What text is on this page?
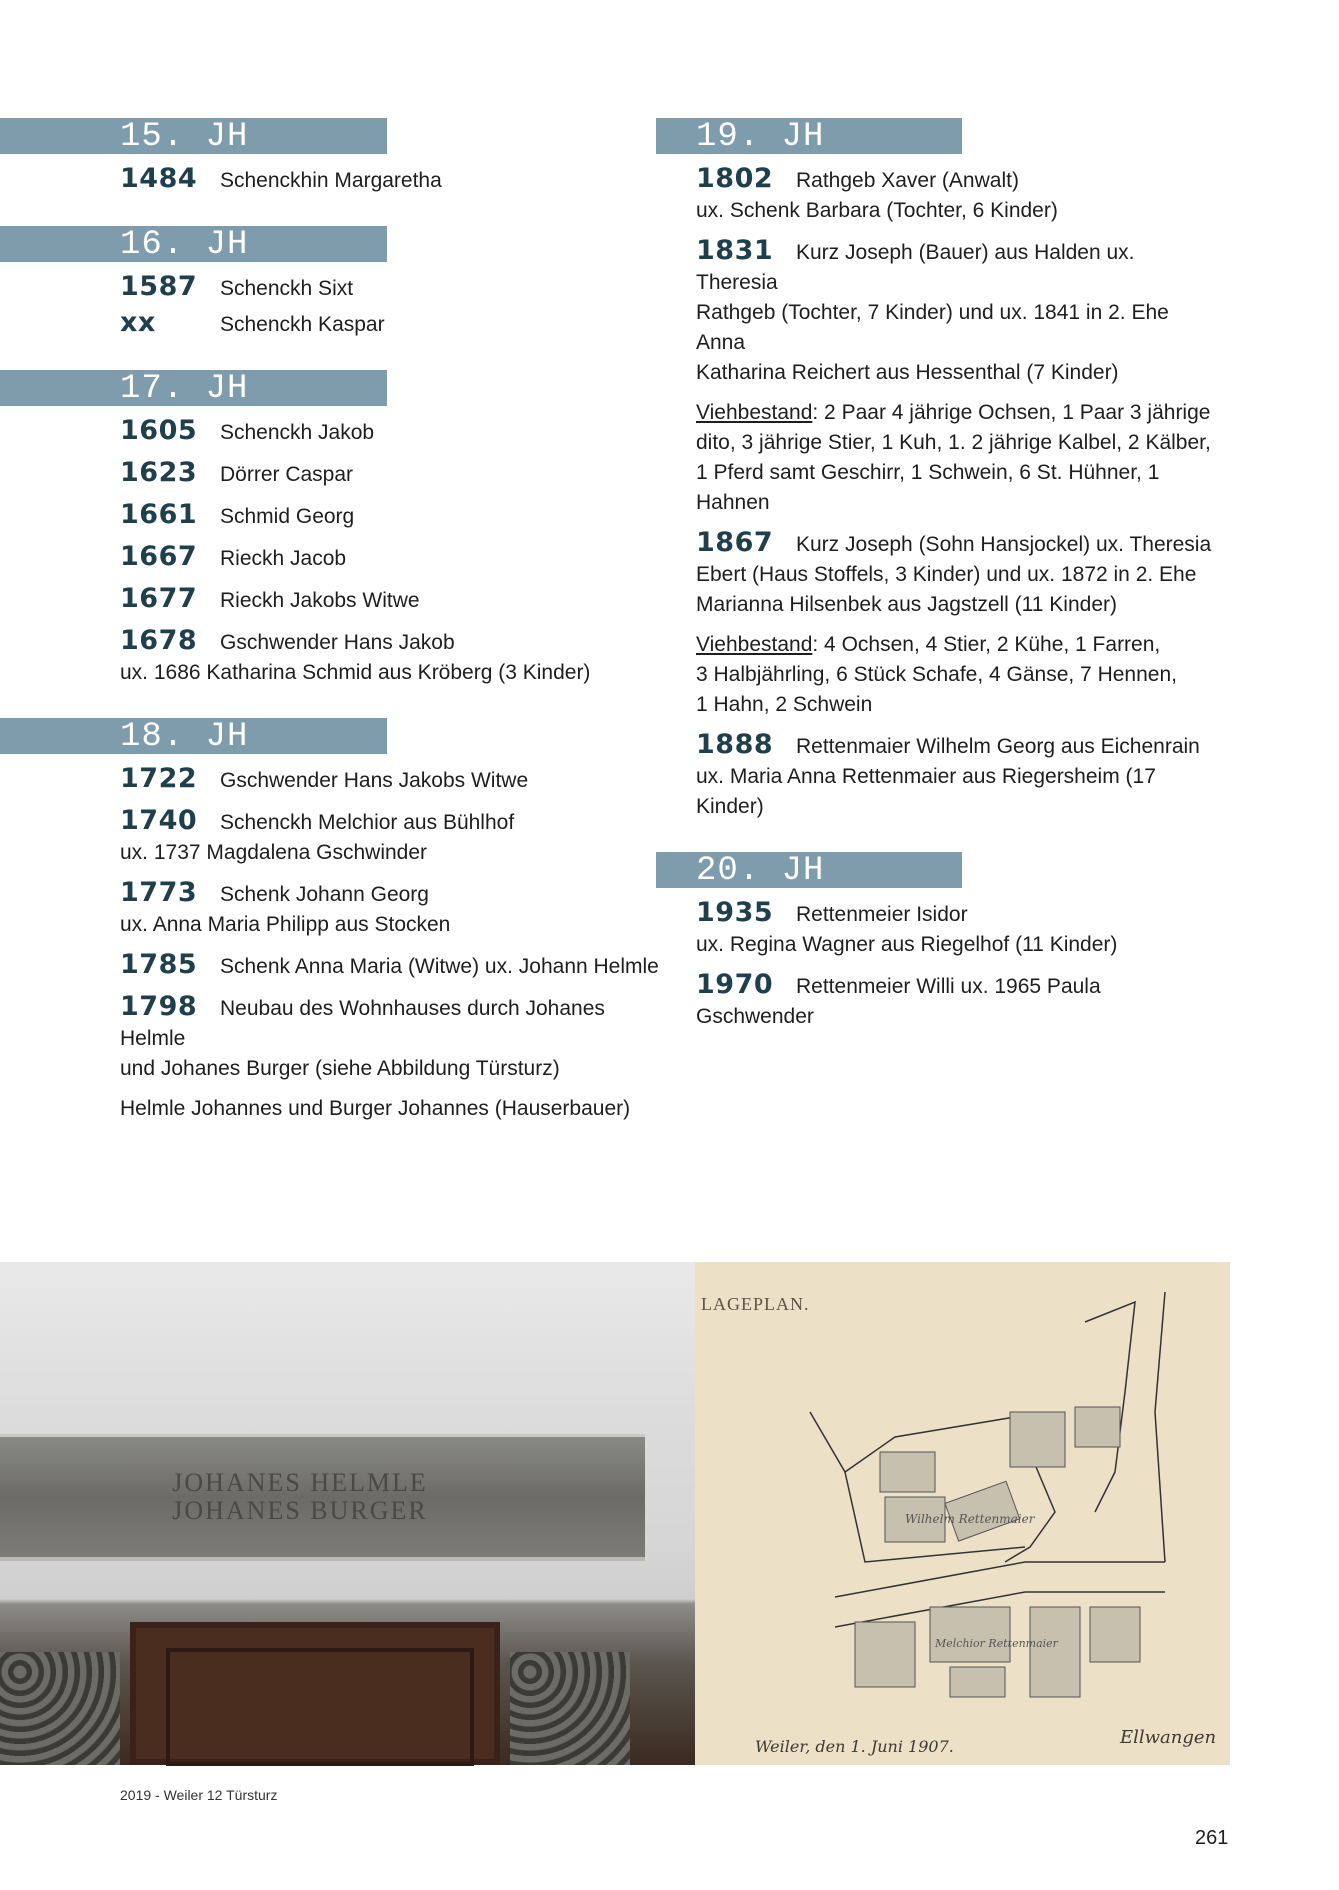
15. JH
1484 Schenckhin Margaretha
16. JH
1587 Schenckh Sixt
xx	Schenckh Kaspar
17. JH
1605 Schenckh Jakob
1623 Dörrer Caspar
1661 Schmid Georg
1667 Rieckh Jacob
1677 Rieckh Jakobs Witwe
1678 Gschwender Hans Jakob
ux. 1686 Katharina Schmid aus Kröberg (3 Kinder)
18. JH
1722 Gschwender Hans Jakobs Witwe
1740 Schenckh Melchior aus Bühlhof
ux. 1737 Magdalena Gschwinder
1773 Schenk Johann Georg
ux. Anna Maria Philipp aus Stocken
1785 Schenk Anna Maria (Witwe) ux. Johann Helmle
1798 Neubau des Wohnhauses durch Johanes Helmle
und Johanes Burger (siehe Abbildung Türsturz)
Helmle Johannes und Burger Johannes (Hauserbauer)
19. JH
1802 Rathgeb Xaver (Anwalt)
ux. Schenk Barbara (Tochter, 6 Kinder)
1831 Kurz Joseph (Bauer) aus Halden ux. Theresia
Rathgeb (Tochter, 7 Kinder) und ux. 1841 in 2. Ehe Anna
Katharina Reichert aus Hessenthal (7 Kinder)
Viehbestand: 2 Paar 4 jährige Ochsen, 1 Paar 3 jährige
dito, 3 jährige Stier, 1 Kuh, 1. 2 jährige Kalbel, 2 Kälber,
1 Pferd samt Geschirr, 1 Schwein, 6 St. Hühner, 1 Hahnen
1867 Kurz Joseph (Sohn Hansjockel) ux. Theresia
Ebert (Haus Stoffels, 3 Kinder) und ux. 1872 in 2. Ehe
Marianna Hilsenbek aus Jagstzell (11 Kinder)
Viehbestand: 4 Ochsen, 4 Stier, 2 Kühe, 1 Farren,
3 Halbjährling, 6 Stück Schafe, 4 Gänse, 7 Hennen,
1 Hahn, 2 Schwein
1888 Rettenmaier Wilhelm Georg aus Eichenrain
ux. Maria Anna Rettenmaier aus Riegersheim (17 Kinder)
20. JH
1935 Rettenmeier Isidor
ux. Regina Wagner aus Riegelhof (11 Kinder)
1970 Rettenmeier Willi ux. 1965 Paula Gschwender
JOHANES HELMLE
JOHANES BURGER
LAGEPLAN.
Wilhelm Rettenmaier
Melchior Rettenmaier
Ellwangen
Weiler, den 1. Juni 1907.
2019 - Weiler 12 Türsturz
261
